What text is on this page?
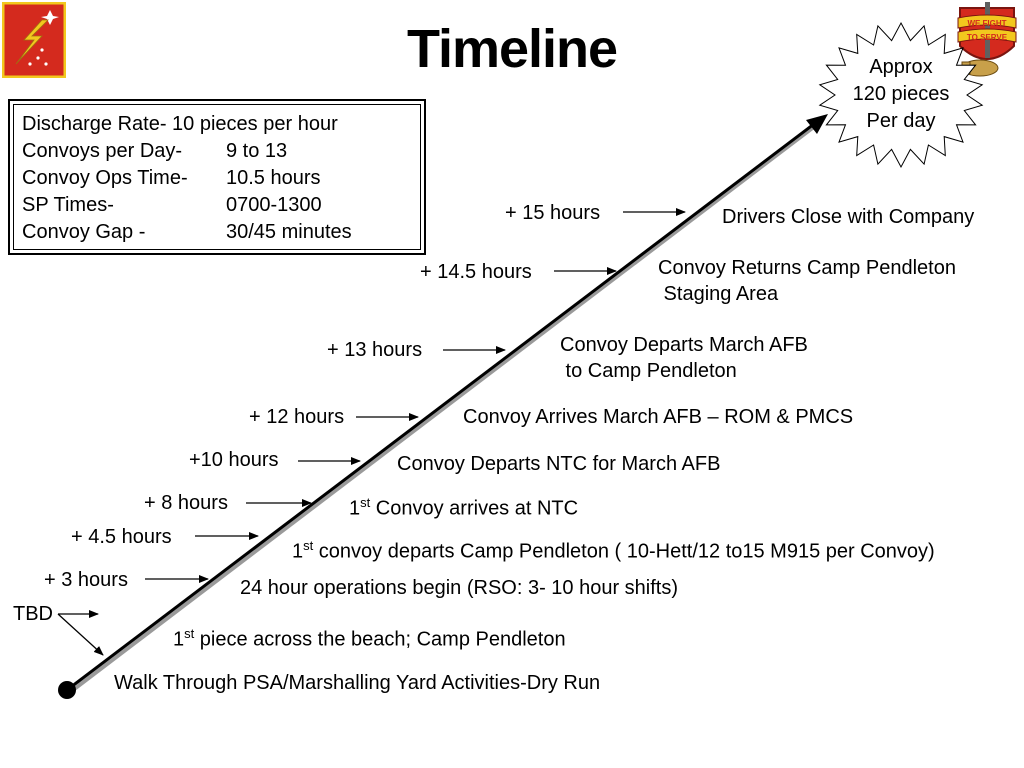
Timeline	WE FIGHT
TO SERVE
Discharge Rate- 10 pieces per hour
Convoys per Day-	9 to 13
Convoy Ops Time-	10.5 hours
SP Times-	0700-1300
Convoy Gap -	30/45 minutes
Approx
120 pieces
Per day
TBD
+ 3 hours
+ 4.5 hours
+ 8 hours
+10 hours
+ 12 hours
+ 13 hours
+ 14.5 hours
+ 15 hours
Walk Through PSA/Marshalling Yard Activities-Dry Run
1st piece across the beach; Camp Pendleton
24 hour operations begin (RSO: 3- 10 hour shifts)
1st convoy departs Camp Pendleton ( 10-Hett/12 to15 M915 per Convoy)
1st Convoy arrives at NTC
Convoy Departs NTC for March AFB
Convoy Arrives March AFB – ROM & PMCS
Convoy Departs March AFB
to Camp Pendleton
Convoy Returns Camp Pendleton
Staging Area
Drivers Close with Company
